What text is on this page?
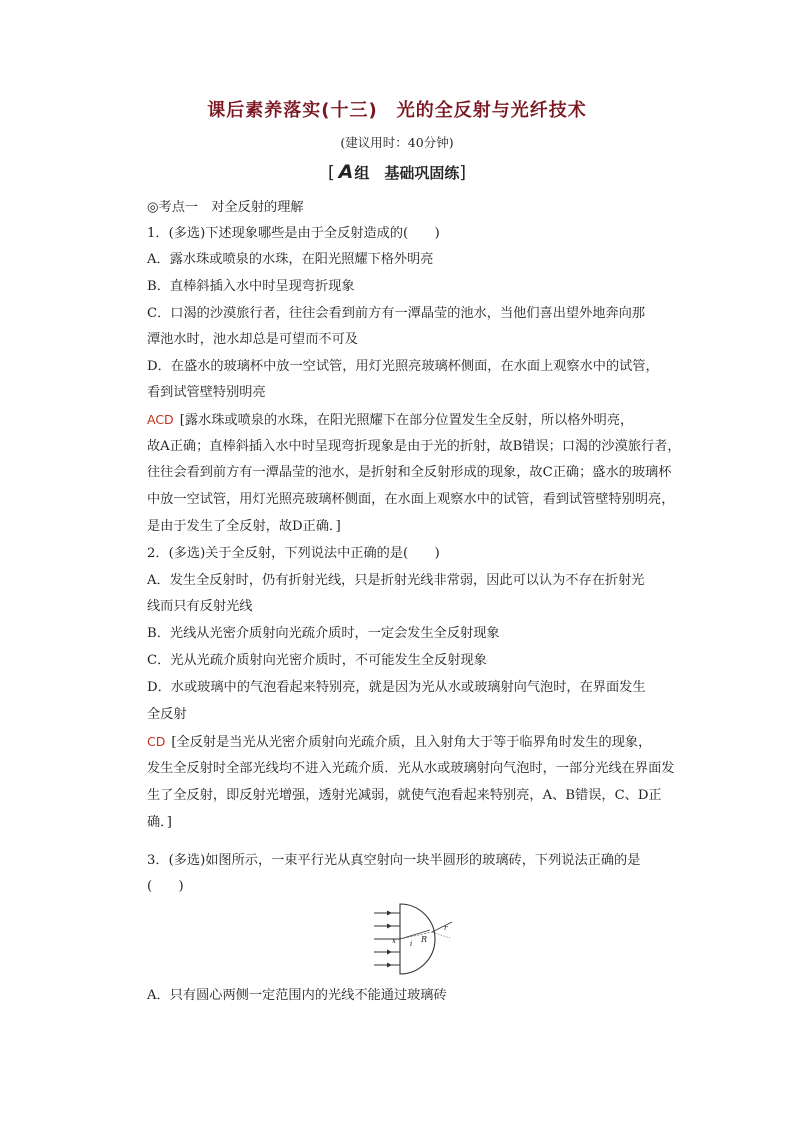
课后素养落实(十三)　光的全反射与光纤技术
(建议用时：40分钟)
[ A组　基础巩固练]
◎考点一　对全反射的理解
1．(多选)下述现象哪些是由于全反射造成的(　　)
A．露水珠或喷泉的水珠，在阳光照耀下格外明亮
B．直棒斜插入水中时呈现弯折现象
C．口渴的沙漠旅行者，往往会看到前方有一潭晶莹的池水，当他们喜出望外地奔向那
潭池水时，池水却总是可望而不可及
D．在盛水的玻璃杯中放一空试管，用灯光照亮玻璃杯侧面，在水面上观察水中的试管，
看到试管壁特别明亮
ACD [露水珠或喷泉的水珠，在阳光照耀下在部分位置发生全反射，所以格外明亮，
故A正确；直棒斜插入水中时呈现弯折现象是由于光的折射，故B错误；口渴的沙漠旅行者，
往往会看到前方有一潭晶莹的池水，是折射和全反射形成的现象，故C正确；盛水的玻璃杯
中放一空试管，用灯光照亮玻璃杯侧面，在水面上观察水中的试管，看到试管壁特别明亮，
是由于发生了全反射，故D正确．]
2．(多选)关于全反射，下列说法中正确的是(　　)
A．发生全反射时，仍有折射光线，只是折射光线非常弱，因此可以认为不存在折射光
线而只有反射光线
B．光线从光密介质射向光疏介质时，一定会发生全反射现象
C．光从光疏介质射向光密介质时，不可能发生全反射现象
D．水或玻璃中的气泡看起来特别亮，就是因为光从水或玻璃射向气泡时，在界面发生
全反射
CD [全反射是当光从光密介质射向光疏介质，且入射角大于等于临界角时发生的现象，
发生全反射时全部光线均不进入光疏介质．光从水或玻璃射向气泡时，一部分光线在界面发
生了全反射，即反射光增强，透射光减弱，就使气泡看起来特别亮，A、B错误，C、D正
确．]
3．(多选)如图所示，一束平行光从真空射向一块半圆形的玻璃砖，下列说法正确的是
(　　)
x i R
r
A．只有圆心两侧一定范围内的光线不能通过玻璃砖
